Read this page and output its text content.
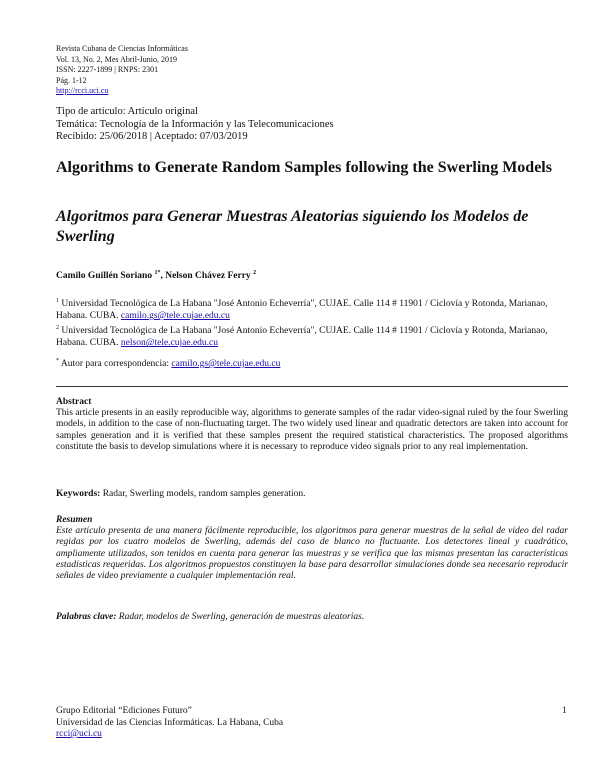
Revista Cubana de Ciencias Informáticas
Vol. 13, No. 2, Mes Abril-Junio, 2019
ISSN: 2227-1899 | RNPS: 2301
Pág. 1-12
http://rcci.uci.cu
Tipo de artículo: Artículo original
Temática: Tecnología de la Información y las Telecomunicaciones
Recibido: 25/06/2018 | Aceptado: 07/03/2019
Algorithms to Generate Random Samples following the Swerling Models
Algoritmos para Generar Muestras Aleatorias siguiendo los Modelos de Swerling
Camilo Guillén Soriano $^{1*}$, Nelson Chávez Ferry $^2$

$^1$ Universidad Tecnológica de La Habana "José Antonio Echeverría", CUJAE. Calle 114 # 11901 / Ciclovía y Rotonda, Marianao, Habana. CUBA. camilo.gs@tele.cujae.edu.cu

$^2$ Universidad Tecnológica de La Habana "José Antonio Echeverría", CUJAE. Calle 114 # 11901 / Ciclovía y Rotonda, Marianao, Habana. CUBA. nelson@tele.cujae.edu.cu

* Autor para correspondencia: camilo.gs@tele.cujae.edu.cu
Abstract
This article presents in an easily reproducible way, algorithms to generate samples of the radar video-signal ruled by the four Swerling models, in addition to the case of non-fluctuating target. The two widely used linear and quadratic detectors are taken into account for samples generation and it is verified that these samples present the required statistical characteristics. The proposed algorithms constitute the basis to develop simulations where it is necessary to reproduce video signals prior to any real implementation.
Keywords: Radar, Swerling models, random samples generation.
Resumen
Este artículo presenta de una manera fácilmente reproducible, los algoritmos para generar muestras de la señal de video del radar regidas por los cuatro modelos de Swerling, además del caso de blanco no fluctuante. Los detectores lineal y cuadrático, ampliamente utilizados, son tenidos en cuenta para generar las muestras y se verifica que las mismas presentan las características estadísticas requeridas. Los algoritmos propuestos constituyen la base para desarrollar simulaciones donde sea necesario reproducir señales de video previamente a cualquier implementación real.
Palabras clave: Radar, modelos de Swerling, generación de muestras aleatorias.
Grupo Editorial “Ediciones Futuro”
Universidad de las Ciencias Informáticas. La Habana, Cuba
rcci@uci.cu
1
